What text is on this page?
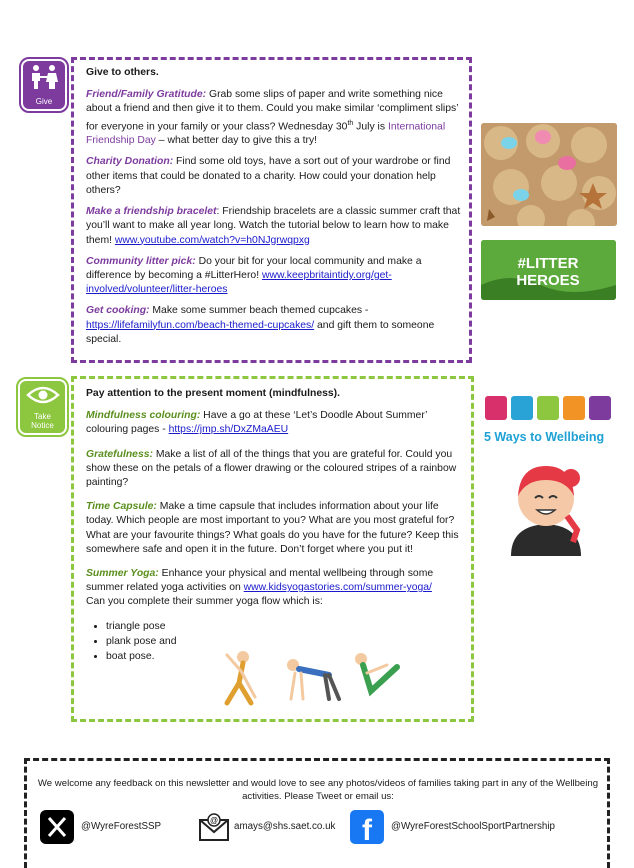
Give

Give to others.

Friend/Family Gratitude: Grab some slips of paper and write something nice about a friend and then give it to them. Could you make similar ‘compliment slips’ for everyone in your family or your class? Wednesday 30th July is International Friendship Day – what better day to give this a try!

Charity Donation: Find some old toys, have a sort out of your wardrobe or find other items that could be donated to a charity. How could your donation help others?

Make a friendship bracelet: Friendship bracelets are a classic summer craft that you’ll want to make all year long. Watch the tutorial below to learn how to make them! www.youtube.com/watch?v=h0NJgrwqpxg

Community litter pick: Do your bit for your local community and make a difference by becoming a #LitterHero! www.keepbritaintidy.org/get-involved/volunteer/litter-heroes

Get cooking: Make some summer beach themed cupcakes - https://lifefamilyfun.com/beach-themed-cupcakes/ and gift them to someone special.

#LITTER
HEROES
Take
Notice

Pay attention to the present moment (mindfulness).

Mindfulness colouring: Have a go at these ‘Let’s Doodle About Summer’ colouring pages - https://jmp.sh/DxZMaAEU

Gratefulness: Make a list of all of the things that you are grateful for. Could you show these on the petals of a flower drawing or the coloured stripes of a rainbow painting?

Time Capsule: Make a time capsule that includes information about your life today. Which people are most important to you? What are you most grateful for? What are your favourite things? What goals do you have for the future? Keep this somewhere safe and open it in the future. Don’t forget where you put it!

Summer Yoga: Enhance your physical and mental wellbeing through some summer related yoga activities on www.kidsyogastories.com/summer-yoga/
Can you complete their summer yoga flow which is:

• triangle pose
• plank pose and
• boat pose.
5 Ways to Wellbeing
We welcome any feedback on this newsletter and would love to see any photos/videos of families taking part in any of the Wellbeing activities. Please Tweet or email us:
@WyreForestSSP
@
amays@shs.saet.co.uk f @WyreForestSchoolSportPartnership
